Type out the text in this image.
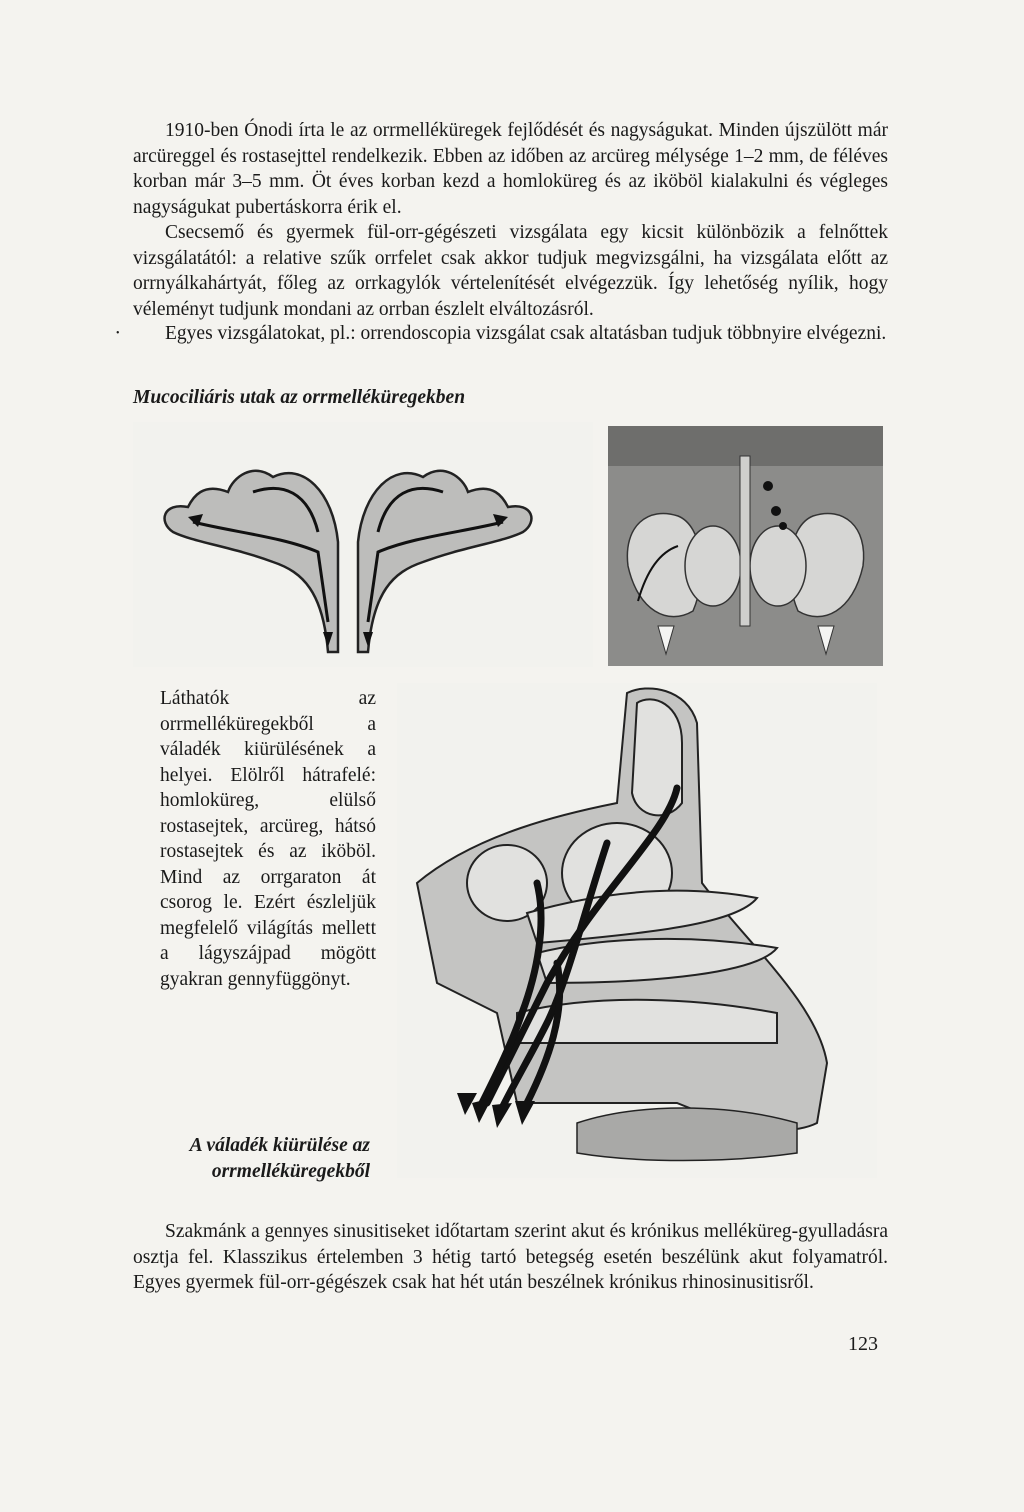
1910-ben Ónodi írta le az orrmelléküregek fejlődését és nagyságukat. Minden újszülött már arcüreggel és rostasejttel rendelkezik. Ebben az időben az arcüreg mélysége 1–2 mm, de féléves korban már 3–5 mm. Öt éves korban kezd a homloküreg és az iköböl kialakulni és végleges nagyságukat pubertáskorra érik el.

Csecsemő és gyermek fül-orr-gégészeti vizsgálata egy kicsit különbözik a felnőttek vizsgálatától: a relative szűk orrfelet csak akkor tudjuk megvizsgálni, ha vizsgálata előtt az orrnyálkahártyát, főleg az orrkagylók vértelenítését elvégezzük. Így lehetőség nyílik, hogy véleményt tudjunk mondani az orrban észlelt elváltozásról.

•	Egyes vizsgálatokat, pl.: orrendoscopia vizsgálat csak altatásban tudjuk többnyire elvégezni.

Mucociliáris utak az orrmelléküregekben

Láthatók az orrmelléküregekből a váladék kiürülésének a helyei. Elölről hátrafelé: homloküreg, elülső rostasejtek, arcüreg, hátsó rostasejtek és az iköböl. Mind az orrgaraton át csorog le. Ezért észleljük megfelelő világítás mellett a lágyszájpad mögött gyakran gennyfüggönyt.

A váladék kiürülése az
orrmelléküregekből

Szakmánk a gennyes sinusitiseket időtartam szerint akut és krónikus melléküreg-gyulladásra osztja fel. Klasszikus értelemben 3 hétig tartó betegség esetén beszélünk akut folyamatról. Egyes gyermek fül-orr-gégészek csak hat hét után beszélnek krónikus rhinosinusitisről.

123
